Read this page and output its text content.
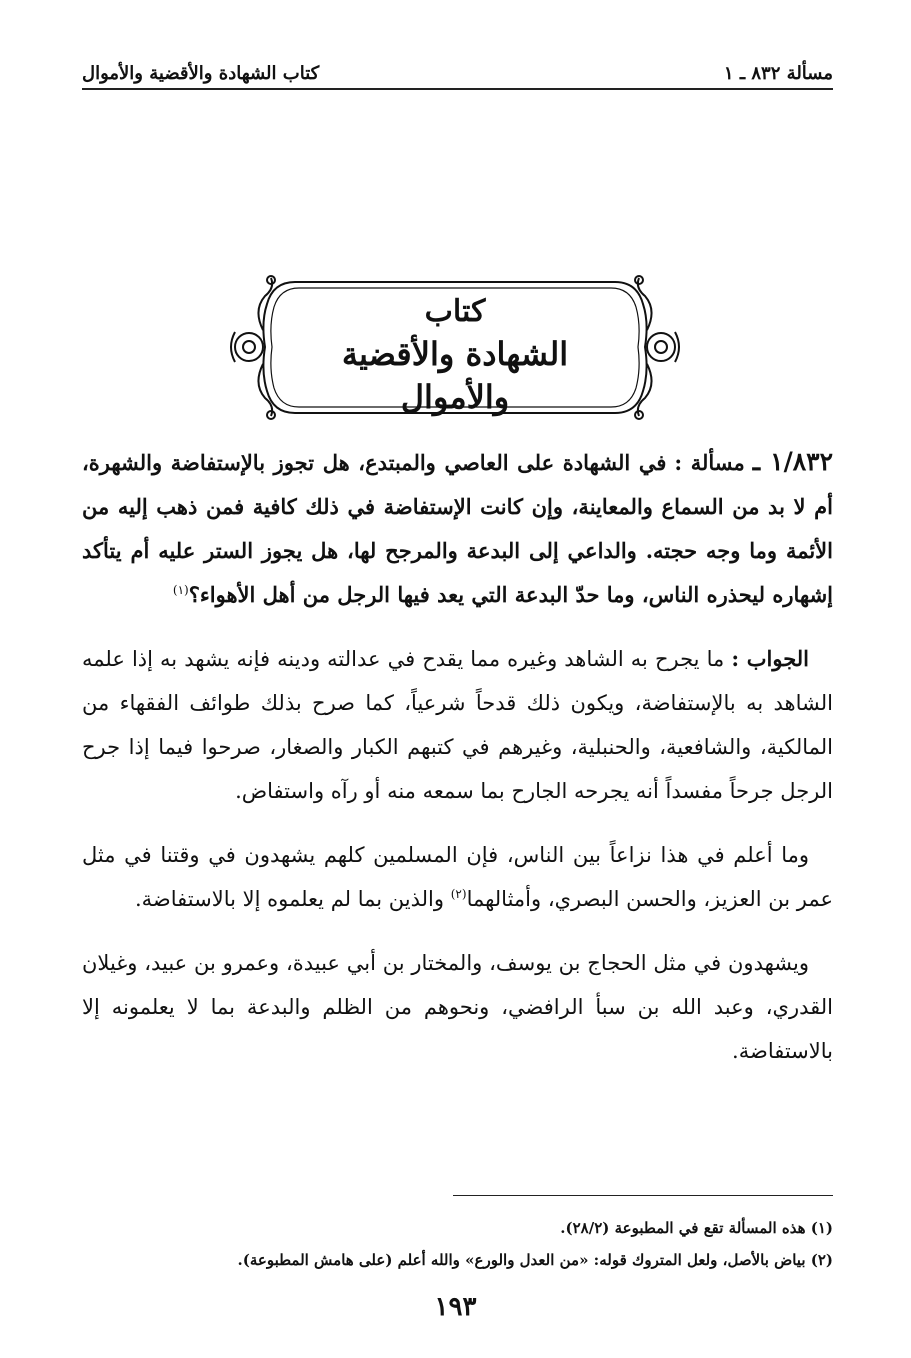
مسألة ٨٣٢ ـ ١
كتاب الشهادة والأقضية والأموال
كتاب
الشهادة والأقضية والأموال

١/٨٣٢ ـ مسألة : في الشهادة على العاصي والمبتدع، هل تجوز بالإستفاضة والشهرة، أم لا بد من السماع والمعاينة، وإن كانت الإستفاضة في ذلك كافية فمن ذهب إليه من الأئمة وما وجه حجته. والداعي إلى البدعة والمرجح لها، هل يجوز الستر عليه أم يتأكد إشهاره ليحذره الناس، وما حدّ البدعة التي يعد فيها الرجل من أهل الأهواء؟$^{(١)}$

الجواب : ما يجرح به الشاهد وغيره مما يقدح في عدالته ودينه فإنه يشهد به إذا علمه الشاهد به بالإستفاضة، ويكون ذلك قدحاً شرعياً، كما صرح بذلك طوائف الفقهاء من المالكية، والشافعية، والحنبلية، وغيرهم في كتبهم الكبار والصغار، صرحوا فيما إذا جرح الرجل جرحاً مفسداً أنه يجرحه الجارح بما سمعه منه أو رآه واستفاض.

وما أعلم في هذا نزاعاً بين الناس، فإن المسلمين كلهم يشهدون في وقتنا في مثل عمر بن العزيز، والحسن البصري، وأمثالهما$^{(٢)}$ والذين بما لم يعلموه إلا بالاستفاضة.

ويشهدون في مثل الحجاج بن يوسف، والمختار بن أبي عبيدة، وعمرو بن عبيد، وغيلان القدري، وعبد الله بن سبأ الرافضي، ونحوهم من الظلم والبدعة بما لا يعلمونه إلا بالاستفاضة.

(١) هذه المسألة تقع في المطبوعة (٢٨/٢).

(٢) بياض بالأصل، ولعل المتروك قوله: «من العدل والورع» والله أعلم (على هامش المطبوعة).

١٩٣
